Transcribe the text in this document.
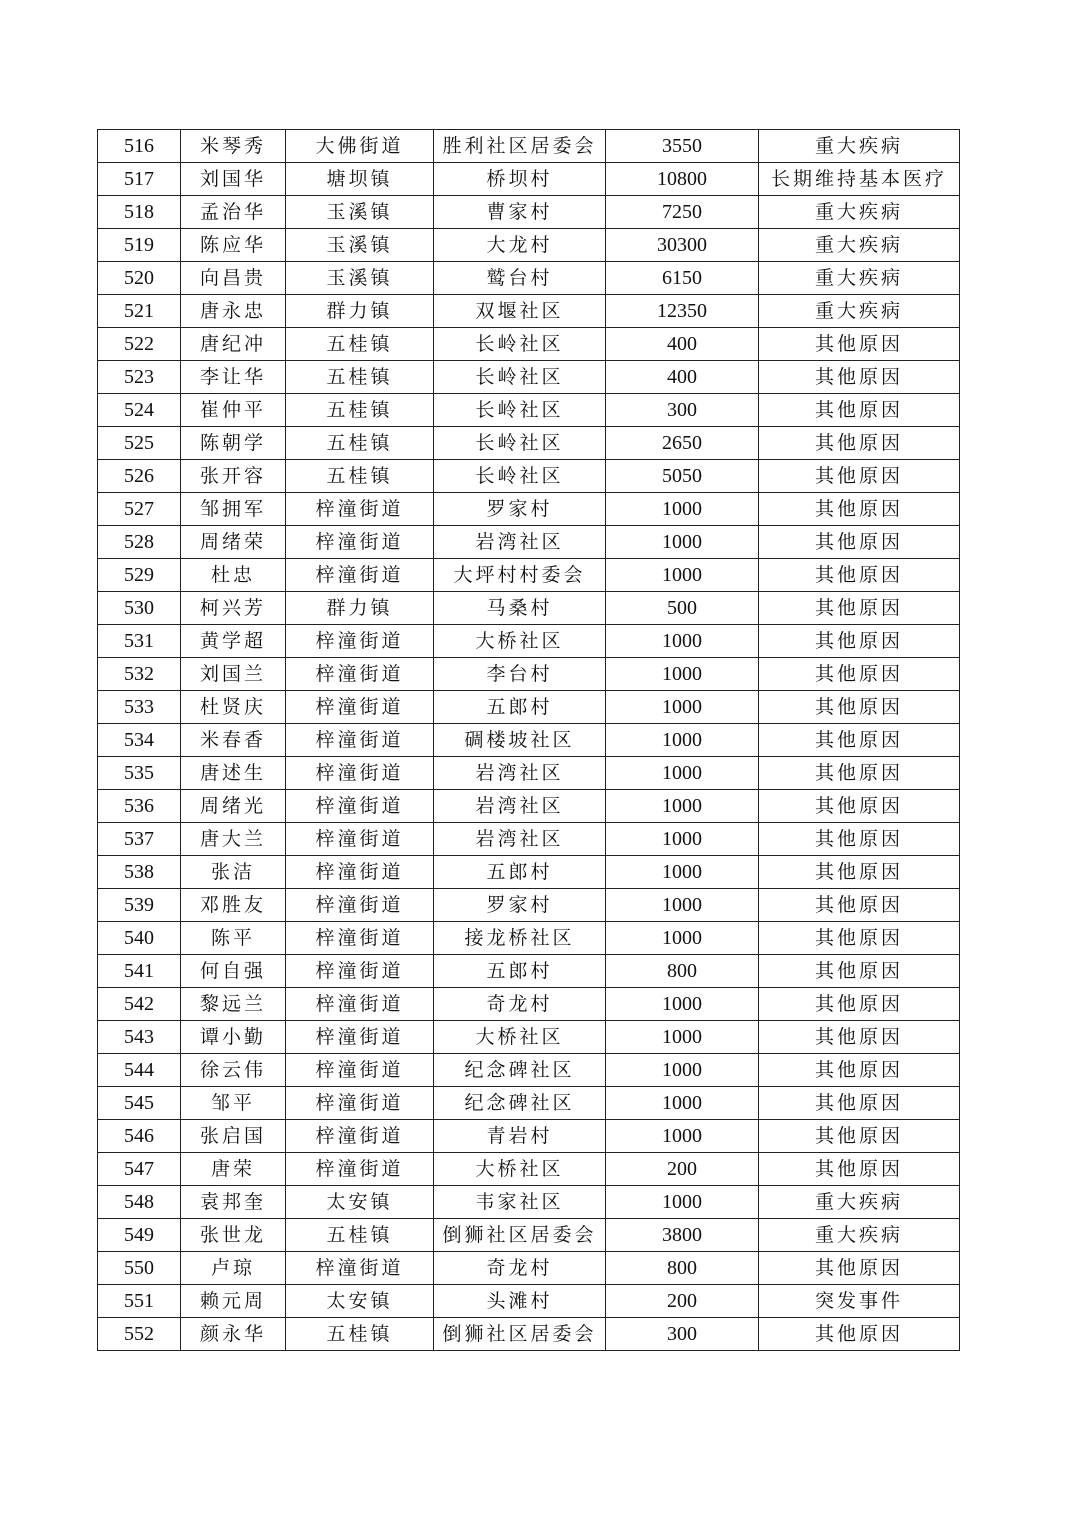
516	米琴秀	大佛街道	胜利社区居委会	3550	重大疾病
517	刘国华	塘坝镇	桥坝村	10800	长期维持基本医疗
518	孟治华	玉溪镇	曹家村	7250	重大疾病
519	陈应华	玉溪镇	大龙村	30300	重大疾病
520	向昌贵	玉溪镇	鹫台村	6150	重大疾病
521	唐永忠	群力镇	双堰社区	12350	重大疾病
522	唐纪冲	五桂镇	长岭社区	400	其他原因
523	李让华	五桂镇	长岭社区	400	其他原因
524	崔仲平	五桂镇	长岭社区	300	其他原因
525	陈朝学	五桂镇	长岭社区	2650	其他原因
526	张开容	五桂镇	长岭社区	5050	其他原因
527	邹拥军	梓潼街道	罗家村	1000	其他原因
528	周绪荣	梓潼街道	岩湾社区	1000	其他原因
529	杜忠	梓潼街道	大坪村村委会	1000	其他原因
530	柯兴芳	群力镇	马桑村	500	其他原因
531	黄学超	梓潼街道	大桥社区	1000	其他原因
532	刘国兰	梓潼街道	李台村	1000	其他原因
533	杜贤庆	梓潼街道	五郎村	1000	其他原因
534	米春香	梓潼街道	碉楼坡社区	1000	其他原因
535	唐述生	梓潼街道	岩湾社区	1000	其他原因
536	周绪光	梓潼街道	岩湾社区	1000	其他原因
537	唐大兰	梓潼街道	岩湾社区	1000	其他原因
538	张洁	梓潼街道	五郎村	1000	其他原因
539	邓胜友	梓潼街道	罗家村	1000	其他原因
540	陈平	梓潼街道	接龙桥社区	1000	其他原因
541	何自强	梓潼街道	五郎村	800	其他原因
542	黎远兰	梓潼街道	奇龙村	1000	其他原因
543	谭小勤	梓潼街道	大桥社区	1000	其他原因
544	徐云伟	梓潼街道	纪念碑社区	1000	其他原因
545	邹平	梓潼街道	纪念碑社区	1000	其他原因
546	张启国	梓潼街道	青岩村	1000	其他原因
547	唐荣	梓潼街道	大桥社区	200	其他原因
548	袁邦奎	太安镇	韦家社区	1000	重大疾病
549	张世龙	五桂镇	倒狮社区居委会	3800	重大疾病
550	卢琼	梓潼街道	奇龙村	800	其他原因
551	赖元周	太安镇	头滩村	200	突发事件
552	颜永华	五桂镇	倒狮社区居委会	300	其他原因
